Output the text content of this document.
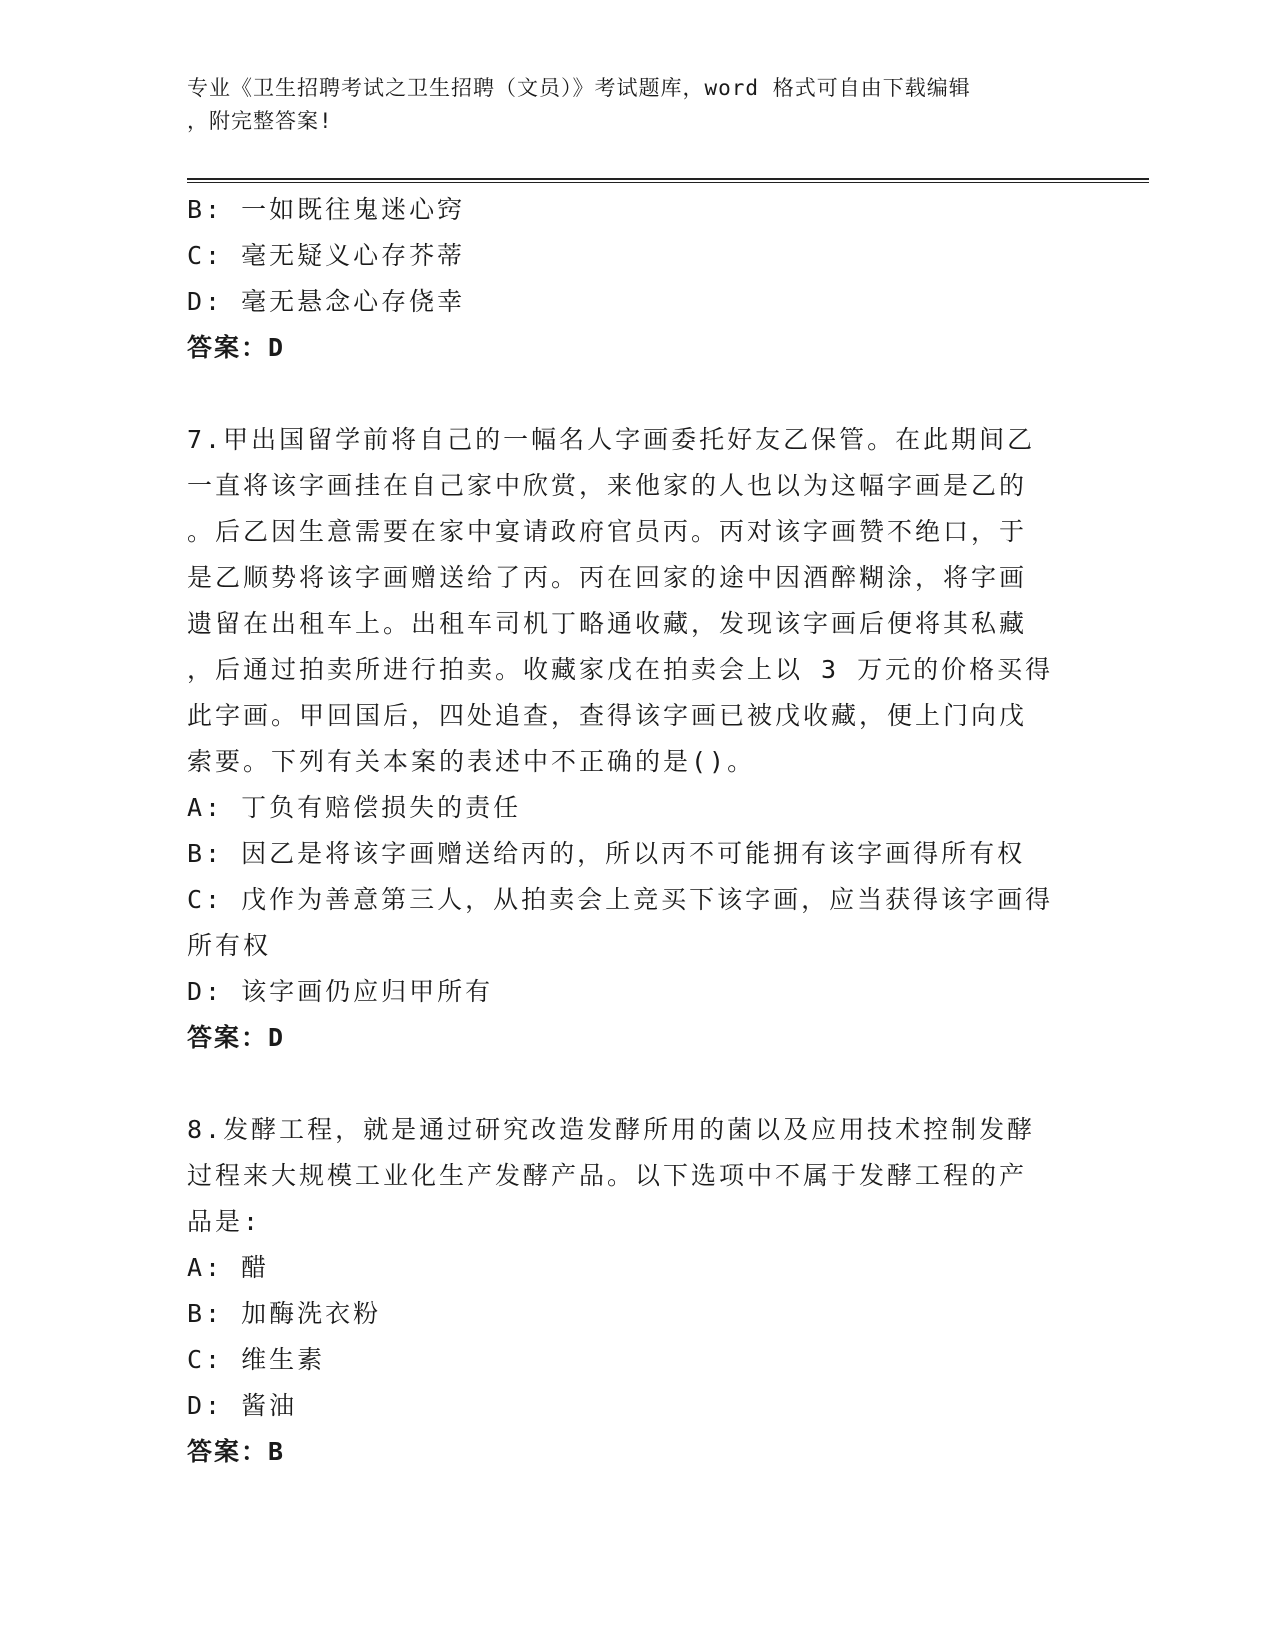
专业《卫生招聘考试之卫生招聘（文员）》考试题库，word 格式可自由下载编辑
，附完整答案!
B: 一如既往鬼迷心窍
C: 毫无疑义心存芥蒂
D: 毫无悬念心存侥幸
答案：D
7.甲出国留学前将自己的一幅名人字画委托好友乙保管。在此期间乙
一直将该字画挂在自己家中欣赏，来他家的人也以为这幅字画是乙的
。后乙因生意需要在家中宴请政府官员丙。丙对该字画赞不绝口，于
是乙顺势将该字画赠送给了丙。丙在回家的途中因酒醉糊涂，将字画
遗留在出租车上。出租车司机丁略通收藏，发现该字画后便将其私藏
，后通过拍卖所进行拍卖。收藏家戊在拍卖会上以 3 万元的价格买得
此字画。甲回国后，四处追查，查得该字画已被戊收藏，便上门向戊
索要。下列有关本案的表述中不正确的是()。
A: 丁负有赔偿损失的责任
B: 因乙是将该字画赠送给丙的，所以丙不可能拥有该字画得所有权
C: 戊作为善意第三人，从拍卖会上竞买下该字画，应当获得该字画得
所有权
D: 该字画仍应归甲所有
答案：D
8.发酵工程，就是通过研究改造发酵所用的菌以及应用技术控制发酵
过程来大规模工业化生产发酵产品。以下选项中不属于发酵工程的产
品是:
A: 醋
B: 加酶洗衣粉
C: 维生素
D: 酱油
答案：B
